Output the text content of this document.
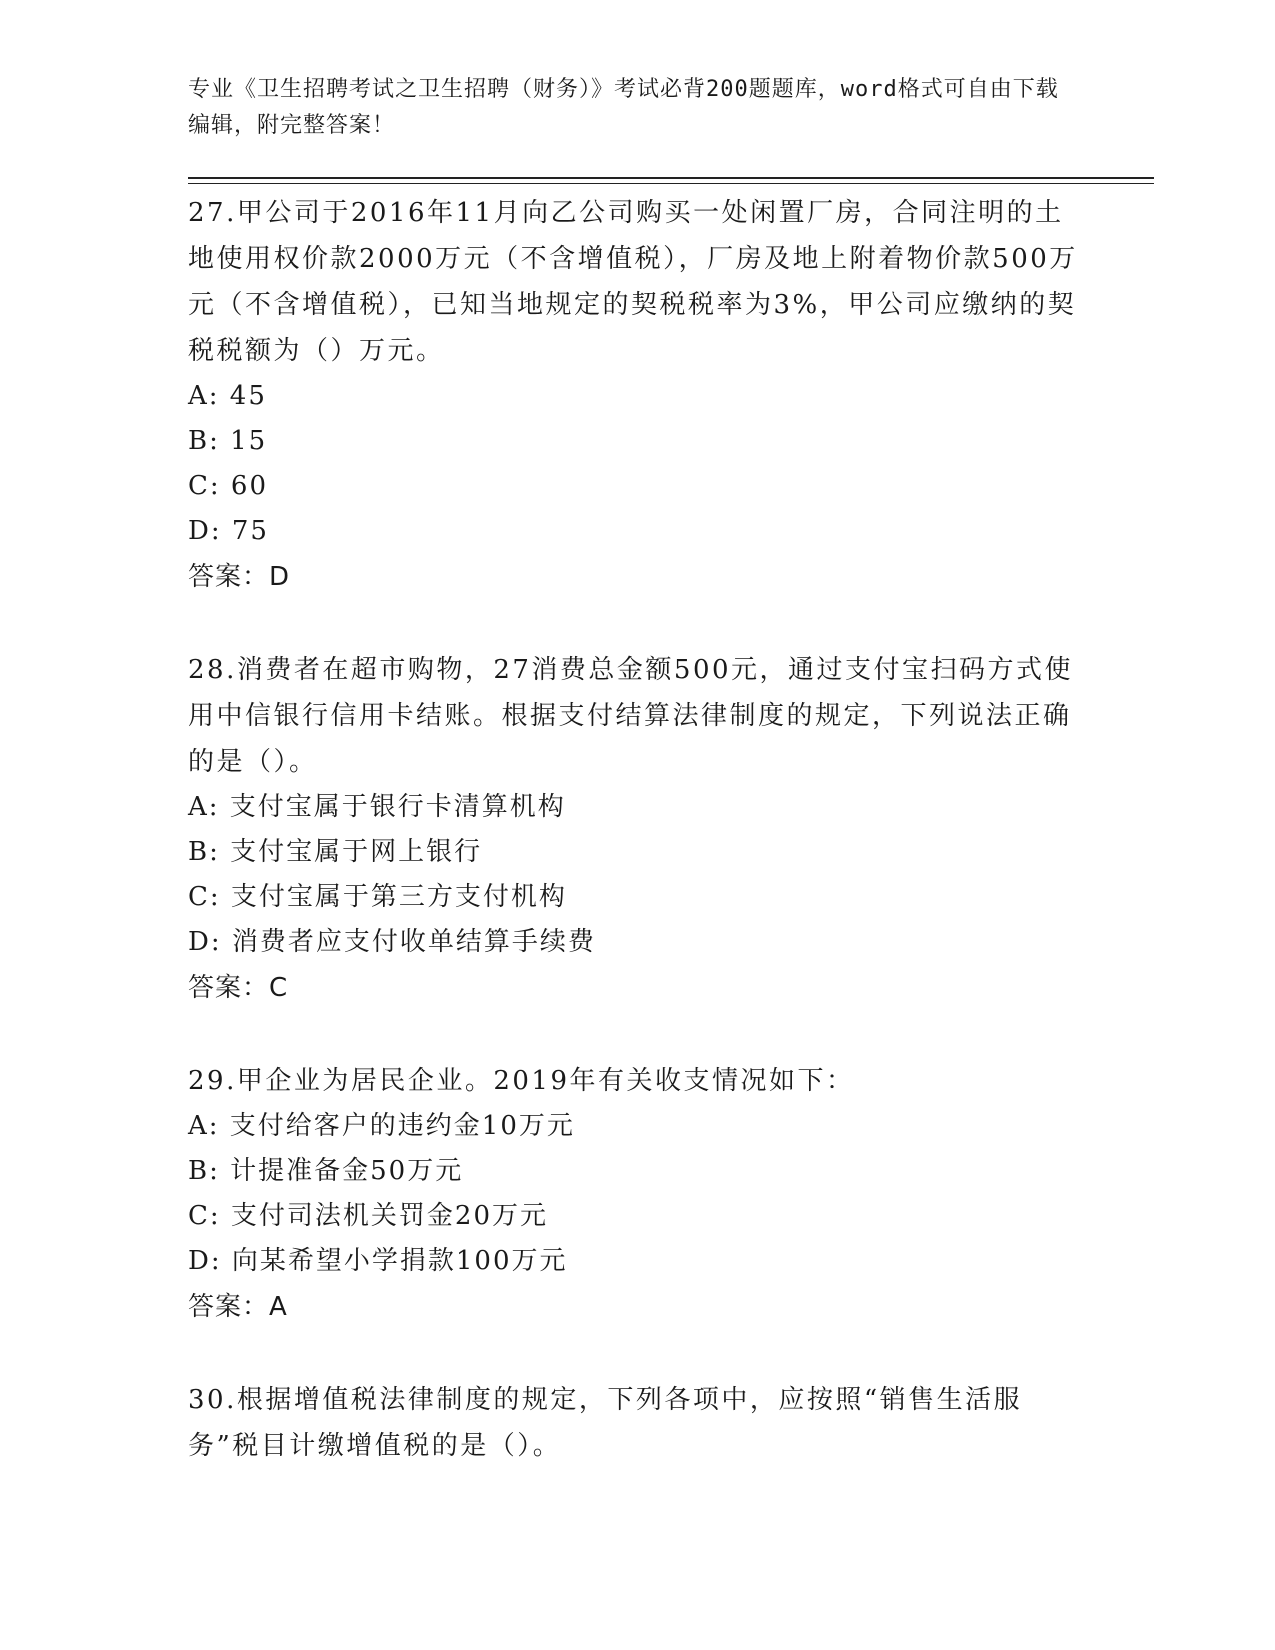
专业《卫生招聘考试之卫生招聘（财务）》考试必背200题题库，word格式可自由下载编辑，附完整答案！

27.甲公司于2016年11月向乙公司购买一处闲置厂房，合同注明的土地使用权价款2000万元（不含增值税），厂房及地上附着物价款500万元（不含增值税），已知当地规定的契税税率为3%，甲公司应缴纳的契税税额为（）万元。

A: 45

B: 15

C: 60

D: 75

答案：D

28.消费者在超市购物，27消费总金额500元，通过支付宝扫码方式使用中信银行信用卡结账。根据支付结算法律制度的规定，下列说法正确的是（）。

A: 支付宝属于银行卡清算机构

B: 支付宝属于网上银行

C: 支付宝属于第三方支付机构

D: 消费者应支付收单结算手续费

答案：C

29.甲企业为居民企业。2019年有关收支情况如下：

A: 支付给客户的违约金10万元

B: 计提准备金50万元

C: 支付司法机关罚金20万元

D: 向某希望小学捐款100万元

答案：A

30.根据增值税法律制度的规定，下列各项中，应按照“销售生活服务”税目计缴增值税的是（）。
